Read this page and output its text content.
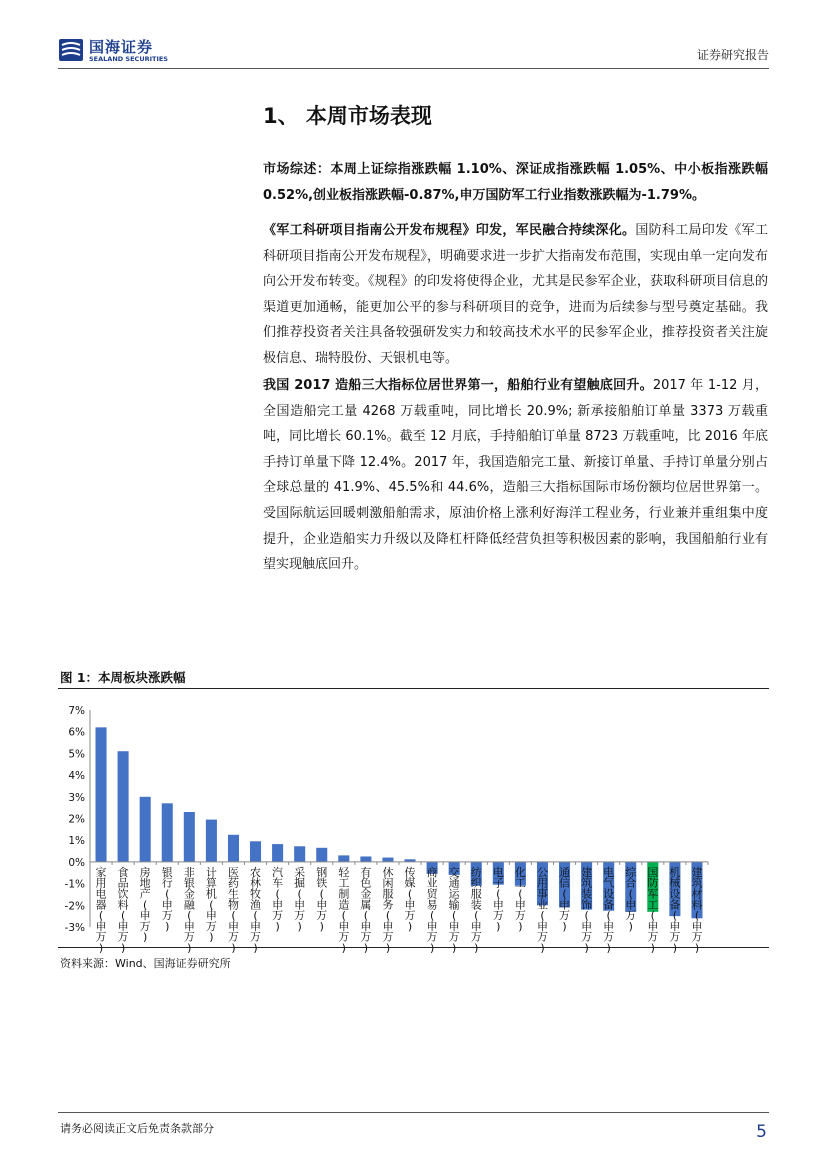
国海证券
SEALAND SECURITIES	证券研究报告
1、 本周市场表现
市场综述：本周上证综指涨跌幅 1.10%、深证成指涨跌幅 1.05%、中小板指涨跌幅 0.52%,创业板指涨跌幅-0.87%,申万国防军工行业指数涨跌幅为-1.79%。
《军工科研项目指南公开发布规程》印发，军民融合持续深化。国防科工局印发《军工科研项目指南公开发布规程》，明确要求进一步扩大指南发布范围，实现由单一定向发布向公开发布转变。《规程》的印发将使得企业，尤其是民参军企业，获取科研项目信息的渠道更加通畅，能更加公平的参与科研项目的竞争，进而为后续参与型号奠定基础。我们推荐投资者关注具备较强研发实力和较高技术水平的民参军企业，推荐投资者关注旋极信息、瑞特股份、天银机电等。
我国 2017 造船三大指标位居世界第一，船舶行业有望触底回升。2017 年 1-12 月，全国造船完工量 4268 万载重吨，同比增长 20.9%; 新承接船舶订单量 3373 万载重吨，同比增长 60.1%。截至 12 月底，手持船舶订单量 8723 万载重吨，比 2016 年底手持订单量下降 12.4%。2017 年，我国造船完工量、新接订单量、手持订单量分别占全球总量的 41.9%、45.5%和 44.6%，造船三大指标国际市场份额均位居世界第一。受国际航运回暖刺激船舶需求，原油价格上涨利好海洋工程业务，行业兼并重组集中度提升，企业造船实力升级以及降杠杆降低经营负担等积极因素的影响，我国船舶行业有望实现触底回升。
图 1：本周板块涨跌幅
7%
6%
5%
4%
3%
2%
1%
0%
-1%
-2%
-3%
家用电器(申万)
食品饮料(申万)
房地产(申万)
银行(申万)
非银金融(申万)
计算机(申万)
医药生物(申万)
农林牧渔(申万)
汽车(申万)
采掘(申万)
钢铁(申万)
轻工制造(申万)
有色金属(申万)
休闲服务(申万)
传媒(申万)
商业贸易(申万)
交通运输(申万)
纺织服装(申万)
电子(申万)
化工(申万)
公用事业(申万)
通信(申万)
建筑装饰(申万)
电气设备(申万)
综合(申万)
国防军工(申万)
机械设备(申万)
建筑材料(申万)
资料来源：Wind、国海证券研究所
请务必阅读正文后免责条款部分	5
